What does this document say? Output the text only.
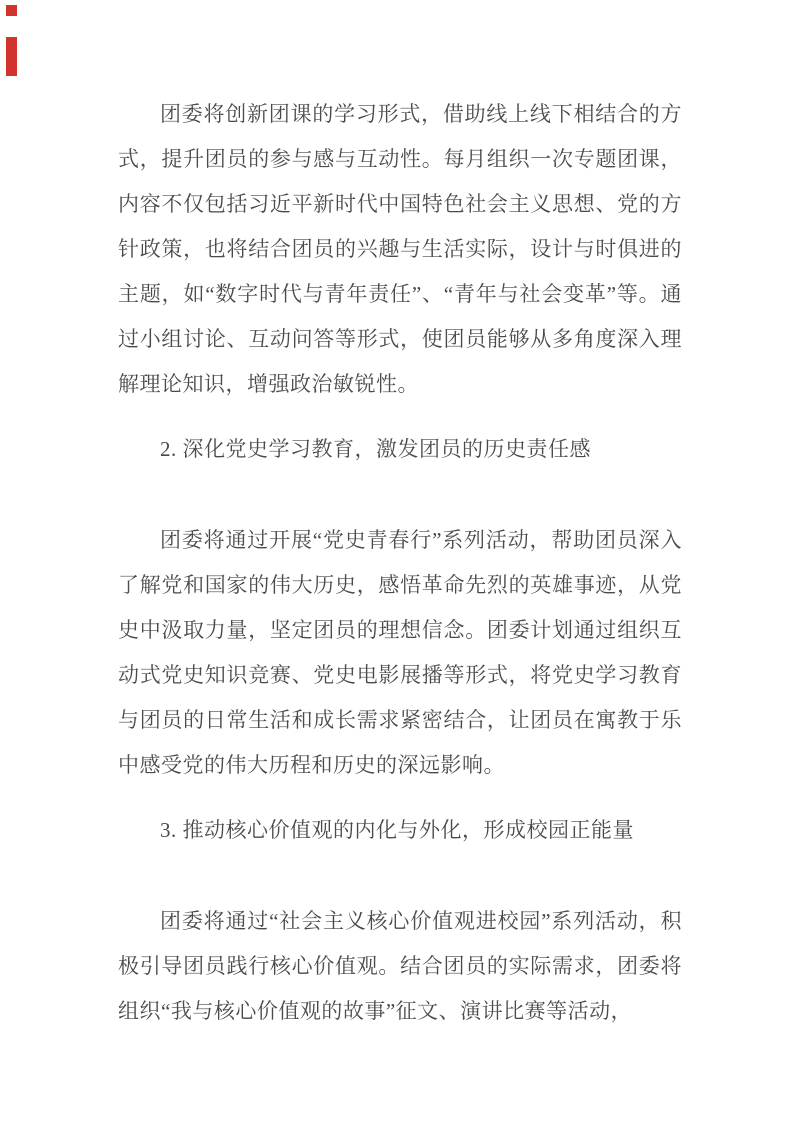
团委将创新团课的学习形式，借助线上线下相结合的方式，提升团员的参与感与互动性。每月组织一次专题团课，内容不仅包括习近平新时代中国特色社会主义思想、党的方针政策，也将结合团员的兴趣与生活实际，设计与时俱进的主题，如“数字时代与青年责任”、“青年与社会变革”等。通过小组讨论、互动问答等形式，使团员能够从多角度深入理解理论知识，增强政治敏锐性。

2. 深化党史学习教育，激发团员的历史责任感

团委将通过开展“党史青春行”系列活动，帮助团员深入了解党和国家的伟大历史，感悟革命先烈的英雄事迹，从党史中汲取力量，坚定团员的理想信念。团委计划通过组织互动式党史知识竞赛、党史电影展播等形式，将党史学习教育与团员的日常生活和成长需求紧密结合，让团员在寓教于乐中感受党的伟大历程和历史的深远影响。

3. 推动核心价值观的内化与外化，形成校园正能量

团委将通过“社会主义核心价值观进校园”系列活动，积极引导团员践行核心价值观。结合团员的实际需求，团委将组织“我与核心价值观的故事”征文、演讲比赛等活动，
